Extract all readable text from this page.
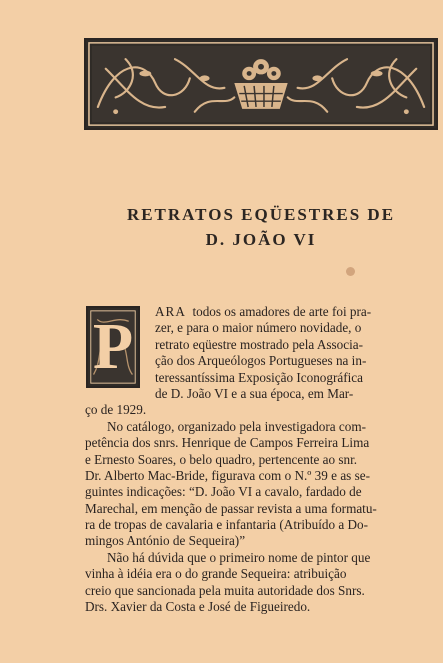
RETRATOS EQÜESTRES DE
D. JOÃO VI
P	ARA todos os amadores de arte foi pra-
zer, e para o maior número novidade, o
retrato eqüestre mostrado pela Associa-
ção dos Arqueólogos Portugueses na in-
teressantíssima Exposição Iconográfica
de D. João VI e a sua época, em Mar-
ço de 1929.
No catálogo, organizado pela investigadora com-
petência dos snrs. Henrique de Campos Ferreira Lima
e Ernesto Soares, o belo quadro, pertencente ao snr.
Dr. Alberto Mac-Bride, figurava com o N.º 39 e as se-
guintes indicações: “D. João VI a cavalo, fardado de
Marechal, em menção de passar revista a uma formatu-
ra de tropas de cavalaria e infantaria (Atribuído a Do-
mingos António de Sequeira)”
Não há dúvida que o primeiro nome de pintor que
vinha à idéia era o do grande Sequeira: atribuição
creio que sancionada pela muita autoridade dos Snrs.
Drs. Xavier da Costa e José de Figueiredo.
